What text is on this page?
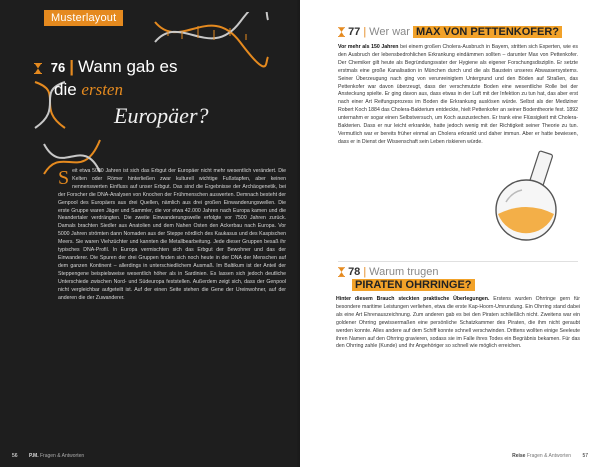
Musterlayout
76 | Wann gab es
die ersten
Europäer?
Seit etwa 5000 Jahren ist sich das Erbgut der Europäer nicht mehr wesentlich verändert. Die Kelten oder Römer hinterließen zwar kulturell wichtige Fußstapfen, aber keinen nennenswerten Einfluss auf unser Erbgut. Das sind die Ergebnisse der Archäogenetik, bei der Forscher die DNA-Analysen von Knochen der Frühmenschen auswerten. Demnach besteht der Genpool des Europäers aus drei Quellen, nämlich aus drei großen Einwanderungswellen. Die erste Gruppe waren Jäger und Sammler, die vor etwa 42.000 Jahren nach Europa kamen und die Neandertaler verdrängten. Die zweite Einwanderungswelle erfolgte vor 7500 Jahren zurück. Damals brachten Siedler aus Anatolien und dem Nahen Osten den Ackerbau nach Europa. Vor 5000 Jahren strömten dann Nomaden aus der Steppe nördlich des Kaukasus und des Kaspischen Meers. Sie waren Viehzüchter und kannten die Metallbearbeitung. Jede dieser Gruppen besaß ihr typisches DNA-Profil. In Europa vermischten sich das Erbgut der Bewohner und das der Einwanderer. Die Spuren der drei Gruppen finden sich noch heute in der DNA der Menschen auf dem ganzen Kontinent – allerdings in unterschiedlichem Ausmaß. Im Baltikum ist der Anteil der Steppengene beispielsweise wesentlich höher als in Sardinien. Es lassen sich jedoch deutliche Unterschiede zwischen Nord- und Südeuropa feststellen. Außerdem zeigt sich, dass der Genpool nicht vergleichbar aufgeteilt ist. Auf der einen Seite stehen die Gene der Ureinwohner, auf der anderen die der Zuwanderer.
56 P.M. Fragen & Antworten
77 | Wer war MAX VON PETTENKOFER?
Vor mehr als 150 Jahren bei einem großen Cholera-Ausbruch in Bayern, stritten sich Experten, wie es den Ausbruch der lebensbedrohlichen Erkrankung eindämmen sollten – darunter Max von Pettenkofer. Der Chemiker gilt heute als Begründungsvater der Hygiene als eigener Forschungsdisziplin. Er setzte erstmals eine große Kanalisation in München durch und die als Baustein unseres Abwassersystems. Seiner Überzeugung nach ging von verunreinigtem Untergrund und den Böden auf Straßen, das Pettenkofer war davon überzeugt, dass der verschmutzte Boden eine wesentliche Rolle bei der Ansteckung spielte. Er ging davon aus, dass etwas in der Luft mit der Infektion zu tun hat, das aber erst nach einer Art Reifungsprozess im Boden die Erkrankung auslösen würde. Selbst als der Mediziner Robert Koch 1884 das Cholera-Bakterium entdeckte, hielt Pettenkofer an seiner Bodentheorie fest. 1892 unternahm er sogar einen Selbstversuch, um Koch auszustechen. Er trank eine Flüssigkeit mit Cholera-Bakterien. Dass er nur leicht erkrankte, hatte jedoch wenig mit der Richtigkeit seiner Theorie zu tun. Vermutlich war er bereits früher einmal an Cholera erkrankt und daher immun. Aber er hatte bewiesen, dass er in Dienst der Wissenschaft sein Leben riskieren würde.
78 | Warum trugen
PIRATEN OHRRINGE?
Hinter diesem Brauch steckten praktische Überlegungen. Erstens wurden Ohrringe gern für besondere maritime Leistungen verliehen, etwa die erste Kap-Hoorn-Umrundung. Ein Ohrring stand dabei als eine Art Ehrenauszeichnung. Zum anderen gab es bei den Piraten schließlich nicht. Zweitens war ein goldener Ohrring gewissermaßen eine persönliche Schatzkammer des Piraten, die ihm nicht geraubt werden konnte. Alles andere auf dem Schiff konnte schnell verschwinden. Drittens wollten einige Seeleute ihren Namen auf den Ohrring gravieren, sodass sie im Falle ihres Todes ein Begräbnis bekamen. Für das den Ohrring zahle (Kunde) und ihr Angehöriger so schnell wie möglich erreichen.
Reise Fragen & Antworten 57
